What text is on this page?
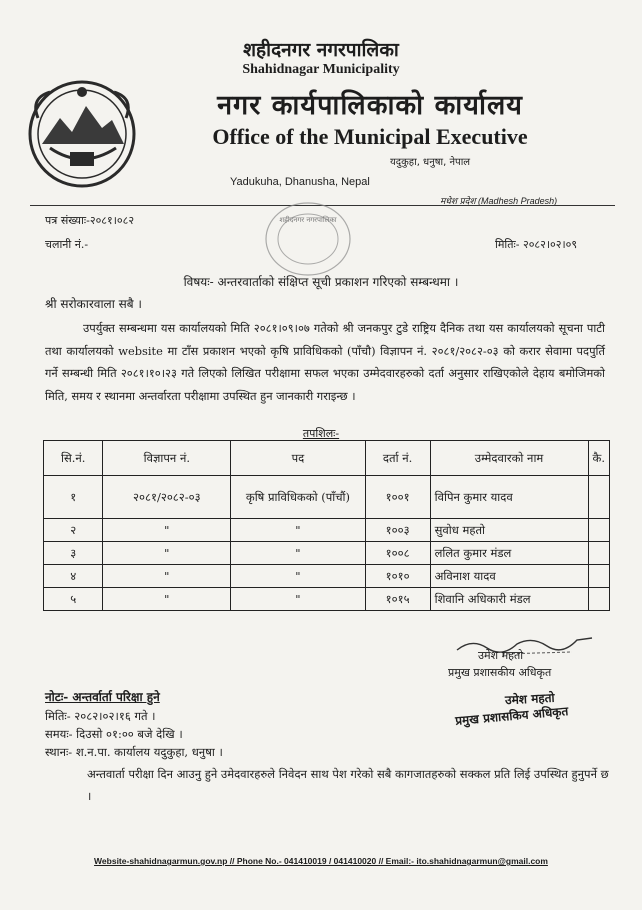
शहीदनगर नगरपालिका
Shahidnagar Municipality
नगर कार्यपालिकाको कार्यालय
Office of the Municipal Executive
यदुकुहा, धनुषा, नेपाल
Yadukuha, Dhanusha, Nepal
मधेश प्रदेश (Madhesh Pradesh)
शहीदनगर नगरपालिका
पत्र संख्याः-२०८१।०८२
चलानी नं.-	मितिः- २०८२।०२।०९
विषयः- अन्तरवार्ताको संक्षिप्त सूची प्रकाशन गरिएको सम्बन्धमा ।
श्री सरोकारवाला सबै ।
उपर्युक्त सम्बन्धमा यस कार्यालयको मिति २०८१।०९।०७ गतेको श्री जनकपुर टुडे राष्ट्रिय दैनिक तथा यस कार्यालयको सूचना पाटी तथा कार्यालयको website मा टाँस प्रकाशन भएको कृषि प्राविधिकको (पाँचौ) विज्ञापन नं. २०८१/२०८२-०३ को करार सेवामा पदपुर्ति गर्ने सम्बन्धी मिति २०८१।१०।२३ गते लिएको लिखित परीक्षामा सफल भएका उम्मेदवारहरुको दर्ता अनुसार राखिएकोले देहाय बमोजिमको मिति, समय र स्थानमा अन्तर्वारता परीक्षामा उपस्थित हुन जानकारी गराइन्छ ।
तपशिलः-
सि.नं.	विज्ञापन नं.	पद	दर्ता नं.	उम्मेदवारको नाम	कै.
१	२०८१/२०८२-०३	कृषि प्राविधिकको (पाँचौं)	१००१	विपिन कुमार यादव	
२	"	"	१००३	सुवोध महतो	
३	"	"	१००८	ललित कुमार मंडल	
४	"	"	१०१०	अविनाश यादव	
५	"	"	१०१५	शिवानि अधिकारी मंडल	
उमेश महतो
प्रमुख प्रशासकीय अधिकृत
उमेश महतो
प्रमुख प्रशासकिय अधिकृत
नोटः- अन्तर्वार्ता परिक्षा हुने
मितिः- २०८२।०२।१६ गते ।
समयः- दिउसो ०१:०० बजे देखि ।
स्थानः- श.न.पा. कार्यालय यदुकुहा, धनुषा ।
अन्तवार्ता परीक्षा दिन आउनु हुने उमेदवारहरुले निवेदन साथ पेश गरेको सबै कागजातहरुको सक्कल प्रति लिई उपस्थित हुनुपर्ने छ ।
Website-shahidnagarmun.gov.np // Phone No.- 041410019 / 041410020 // Email:- ito.shahidnagarmun@gmail.com
